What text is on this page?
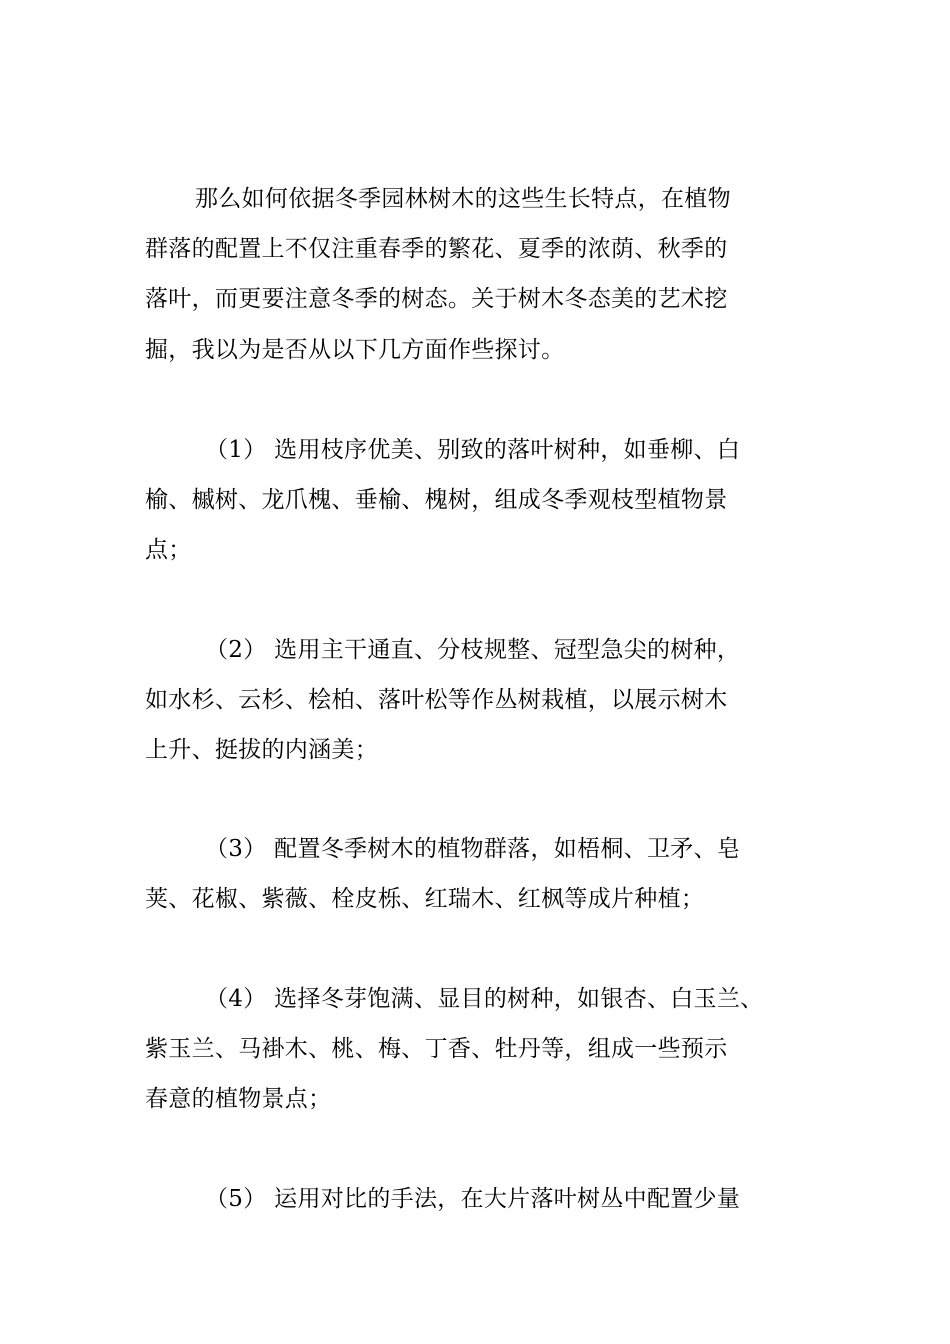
那么如何依据冬季园林树木的这些生长特点，在植物
群落的配置上不仅注重春季的繁花、夏季的浓荫、秋季的
落叶，而更要注意冬季的树态。关于树木冬态美的艺术挖
掘，我以为是否从以下几方面作些探讨。
（1） 选用枝序优美、别致的落叶树种，如垂柳、白
榆、槭树、龙爪槐、垂榆、槐树，组成冬季观枝型植物景
点；
（2） 选用主干通直、分枝规整、冠型急尖的树种，
如水杉、云杉、桧柏、落叶松等作丛树栽植，以展示树木
上升、挺拔的内涵美；
（3） 配置冬季树木的植物群落，如梧桐、卫矛、皂
荚、花椒、紫薇、栓皮栎、红瑞木、红枫等成片种植；
（4） 选择冬芽饱满、显目的树种，如银杏、白玉兰、
紫玉兰、马褂木、桃、梅、丁香、牡丹等，组成一些预示
春意的植物景点；
（5） 运用对比的手法，在大片落叶树丛中配置少量
